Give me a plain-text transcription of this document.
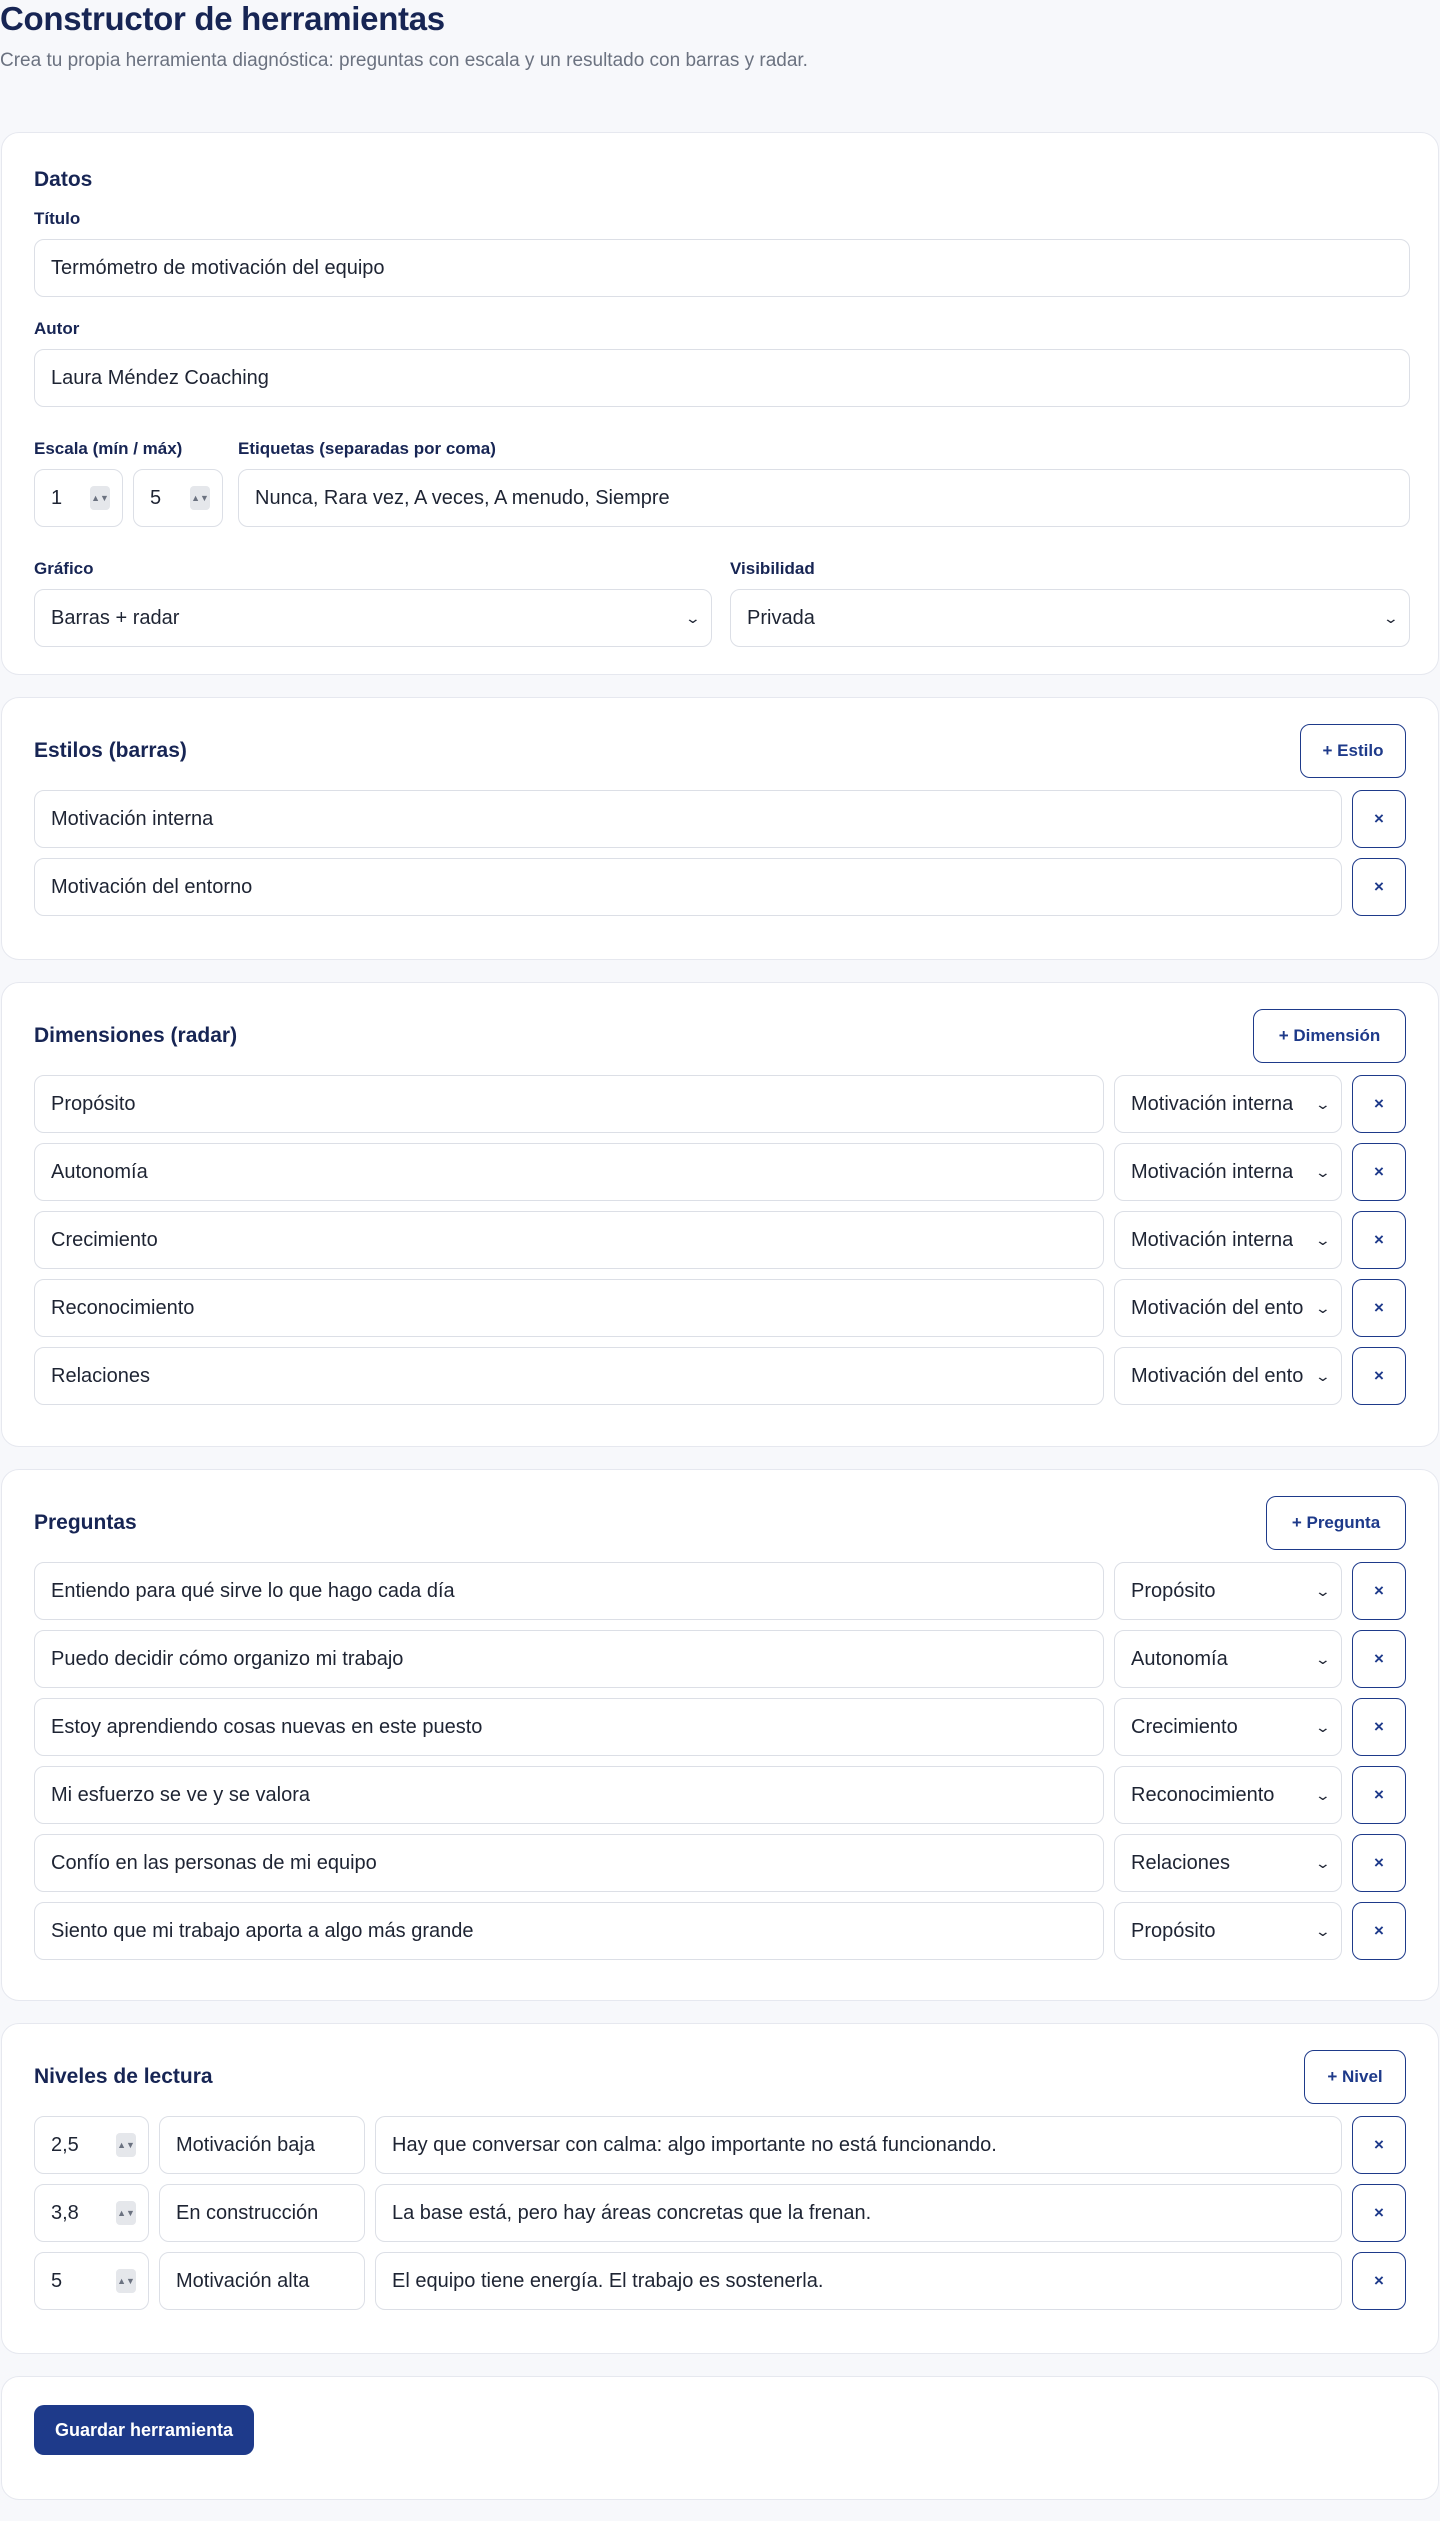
Constructor de herramientas

Crea tu propia herramienta diagnóstica: preguntas con escala y un resultado con barras y radar.

Datos
Título
Termómetro de motivación del equipo
Autor
Laura Méndez Coaching
Escala (mín / máx)
1	▲▼ 5	▲▼
Etiquetas (separadas por coma)
Nunca, Rara vez, A veces, A menudo, Siempre
Gráfico
Barras + radar	⌄
Visibilidad
Privada	⌄
Estilos (barras)	+ Estilo
Motivación interna	×
Motivación del entorno	×
Dimensiones (radar)	+ Dimensión
Propósito	Motivación interna ⌄	×
Autonomía	Motivación interna ⌄	×
Crecimiento	Motivación interna ⌄	×
Reconocimiento	Motivación del ento ⌄	×
Relaciones	Motivación del ento ⌄	×
Preguntas	+ Pregunta
Entiendo para qué sirve lo que hago cada día	Propósito	⌄	×
Puedo decidir cómo organizo mi trabajo	Autonomía	⌄	×
Estoy aprendiendo cosas nuevas en este puesto	Crecimiento	⌄	×
Mi esfuerzo se ve y se valora	Reconocimiento	⌄	×
Confío en las personas de mi equipo	Relaciones	⌄	×
Siento que mi trabajo aporta a algo más grande	Propósito	⌄	×
Niveles de lectura	+ Nivel
2,5	▲▼	Motivación baja	Hay que conversar con calma: algo importante no está funcionando.	×
3,8	▲▼	En construcción	La base está, pero hay áreas concretas que la frenan.	×
5	▲▼	Motivación alta	El equipo tiene energía. El trabajo es sostenerla.	×
Guardar herramienta
